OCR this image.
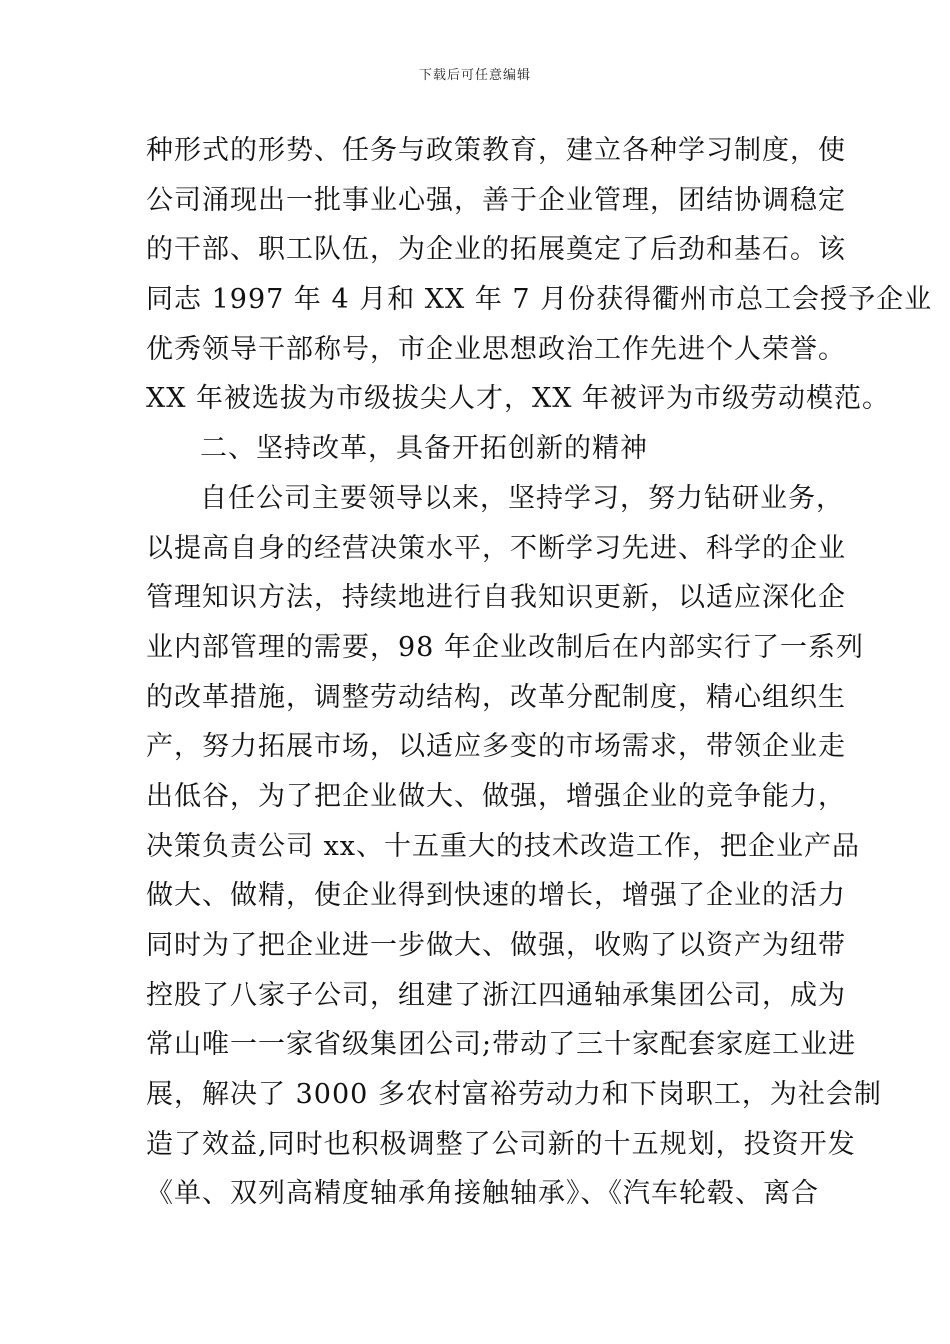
下载后可任意编辑
种形式的形势、任务与政策教育，建立各种学习制度，使
公司涌现出一批事业心强，善于企业管理，团结协调稳定
的干部、职工队伍，为企业的拓展奠定了后劲和基石。该
同志 1997 年 4 月和 XX 年 7 月份获得衢州市总工会授予企业
优秀领导干部称号，市企业思想政治工作先进个人荣誉。
XX 年被选拔为市级拔尖人才，XX 年被评为市级劳动模范。
二、坚持改革，具备开拓创新的精神
自任公司主要领导以来，坚持学习，努力钻研业务，
以提高自身的经营决策水平，不断学习先进、科学的企业
管理知识方法，持续地进行自我知识更新，以适应深化企
业内部管理的需要，98 年企业改制后在内部实行了一系列
的改革措施，调整劳动结构，改革分配制度，精心组织生
产，努力拓展市场，以适应多变的市场需求，带领企业走
出低谷，为了把企业做大、做强，增强企业的竞争能力，
决策负责公司 xx、十五重大的技术改造工作，把企业产品
做大、做精，使企业得到快速的增长，增强了企业的活力
同时为了把企业进一步做大、做强，收购了以资产为纽带
控股了八家子公司，组建了浙江四通轴承集团公司，成为
常山唯一一家省级集团公司;带动了三十家配套家庭工业进
展，解决了 3000 多农村富裕劳动力和下岗职工，为社会制
造了效益,同时也积极调整了公司新的十五规划，投资开发
《单、双列高精度轴承角接触轴承》、《汽车轮毂、离合
